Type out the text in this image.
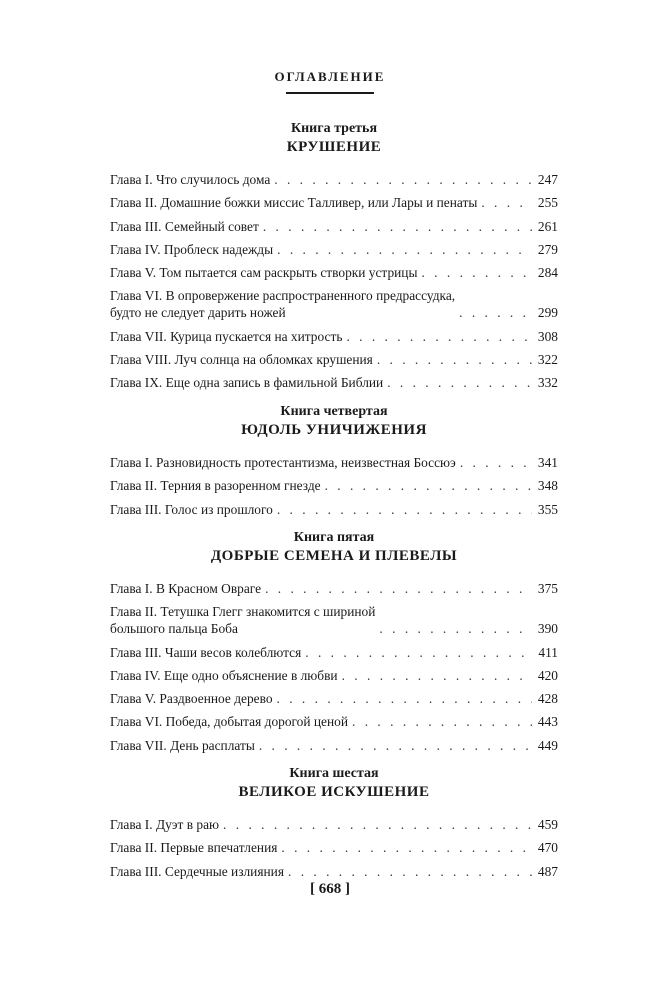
ОГЛАВЛЕНИЕ
Книга третья
КРУШЕНИЕ
Глава I. Что случилось дома . . .	247
Глава II. Домашние божки миссис Талливер, или Лары и пенаты . . .	255
Глава III. Семейный совет . . .	261
Глава IV. Проблеск надежды . . .	279
Глава V. Том пытается сам раскрыть створки устрицы . . .	284
Глава VI. В опровержение распространенного предрассудка,
будто не следует дарить ножей . . .	299
Глава VII. Курица пускается на хитрость . . .	308
Глава VIII. Луч солнца на обломках крушения . . .	322
Глава IX. Еще одна запись в фамильной Библии . . .	332
Книга четвертая
ЮДОЛЬ УНИЧИЖЕНИЯ
Глава I. Разновидность протестантизма, неизвестная Боссюэ . . .	341
Глава II. Терния в разоренном гнезде . . .	348
Глава III. Голос из прошлого . . .	355
Книга пятая
ДОБРЫЕ СЕМЕНА И ПЛЕВЕЛЫ
Глава I. В Красном Овраге . . .	375
Глава II. Тетушка Глегг знакомится с шириной
большого пальца Боба . . .	390
Глава III. Чаши весов колеблются . . .	411
Глава IV. Еще одно объяснение в любви . . .	420
Глава V. Раздвоенное дерево . . .	428
Глава VI. Победа, добытая дорогой ценой . . .	443
Глава VII. День расплаты . . .	449
Книга шестая
ВЕЛИКОЕ ИСКУШЕНИЕ
Глава I. Дуэт в раю . . .	459
Глава II. Первые впечатления . . .	470
Глава III. Сердечные излияния . . .	487
[ 668 ]
